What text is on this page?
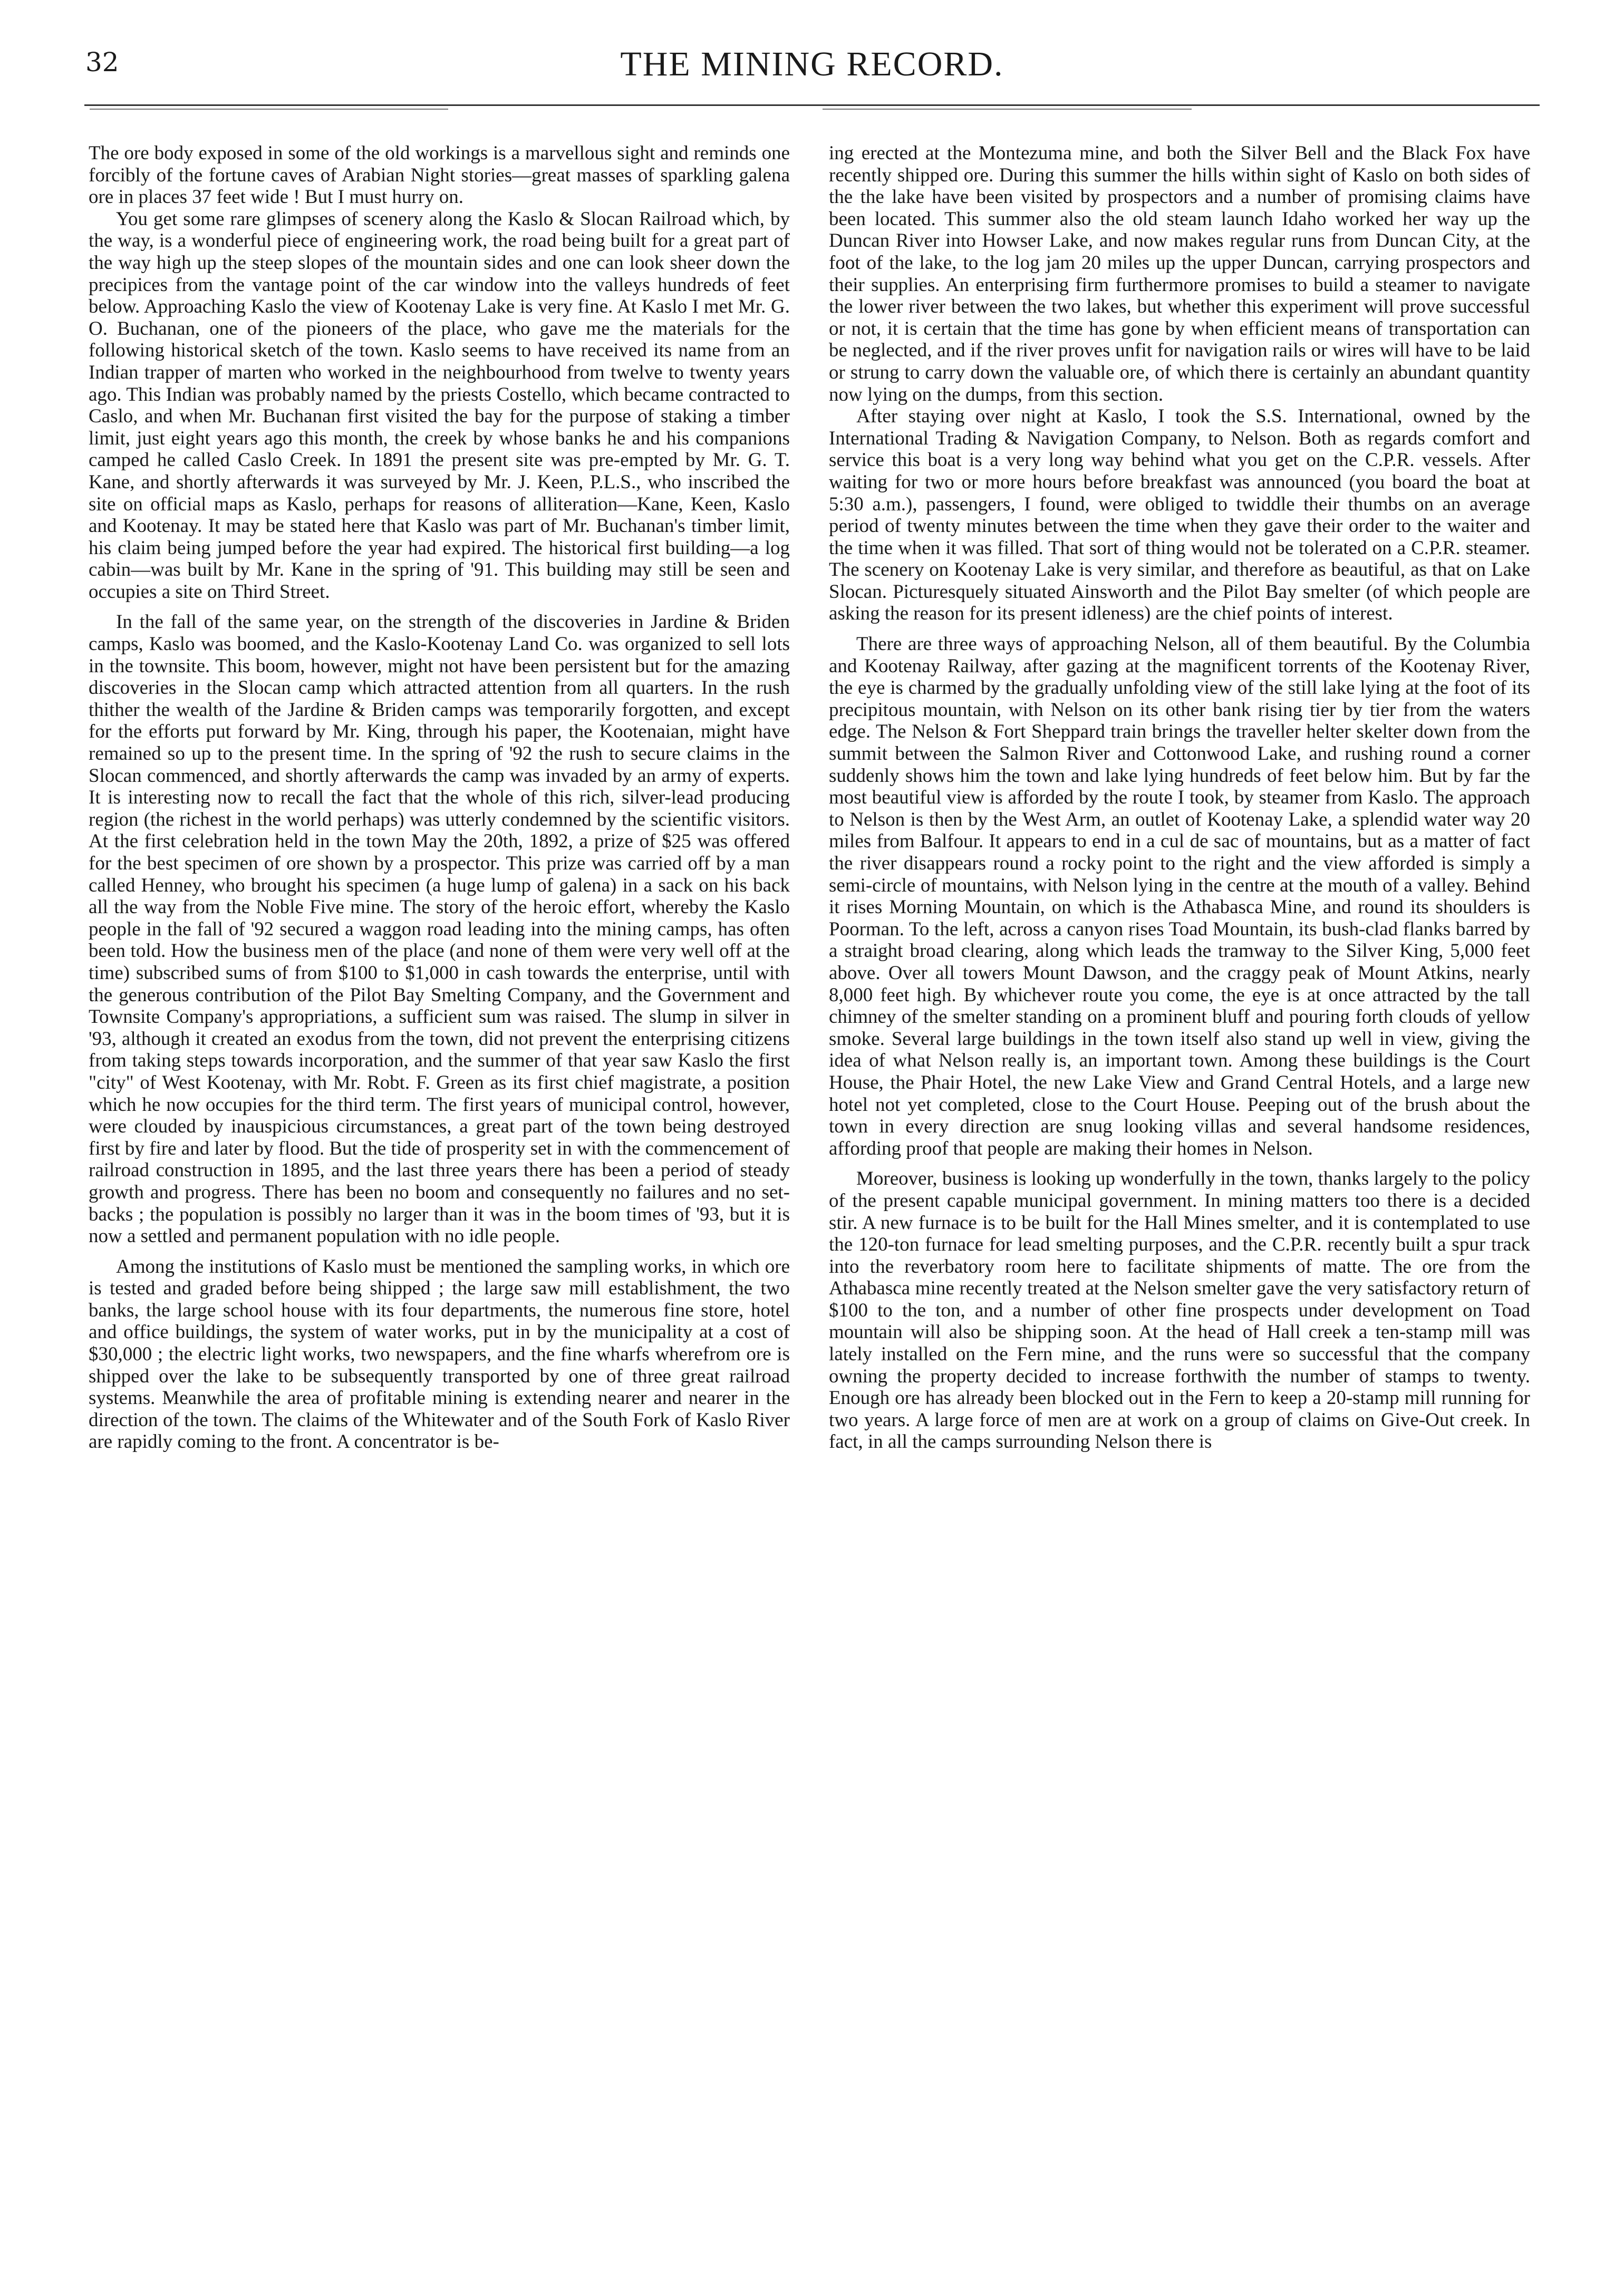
32	THE MINING RECORD.

The ore body exposed in some of the old workings is a marvellous sight and reminds one forcibly of the fortune caves of Arabian Night stories—great masses of sparkling galena ore in places 37 feet wide ! But I must hurry on.

You get some rare glimpses of scenery along the Kaslo & Slocan Railroad which, by the way, is a wonderful piece of engineering work, the road being built for a great part of the way high up the steep slopes of the mountain sides and one can look sheer down the precipices from the vantage point of the car window into the valleys hundreds of feet below. Approaching Kaslo the view of Kootenay Lake is very fine. At Kaslo I met Mr. G. O. Buchanan, one of the pioneers of the place, who gave me the materials for the following historical sketch of the town. Kaslo seems to have received its name from an Indian trapper of marten who worked in the neighbourhood from twelve to twenty years ago. This Indian was probably named by the priests Costello, which became contracted to Caslo, and when Mr. Buchanan first visited the bay for the purpose of staking a timber limit, just eight years ago this month, the creek by whose banks he and his companions camped he called Caslo Creek. In 1891 the present site was pre-empted by Mr. G. T. Kane, and shortly afterwards it was surveyed by Mr. J. Keen, P.L.S., who inscribed the site on official maps as Kaslo, perhaps for reasons of alliteration—Kane, Keen, Kaslo and Kootenay. It may be stated here that Kaslo was part of Mr. Buchanan's timber limit, his claim being jumped before the year had expired. The historical first building—a log cabin—was built by Mr. Kane in the spring of '91. This building may still be seen and occupies a site on Third Street.

In the fall of the same year, on the strength of the discoveries in Jardine & Briden camps, Kaslo was boomed, and the Kaslo-Kootenay Land Co. was organized to sell lots in the townsite. This boom, however, might not have been persistent but for the amazing discoveries in the Slocan camp which attracted attention from all quarters. In the rush thither the wealth of the Jardine & Briden camps was temporarily forgotten, and except for the efforts put forward by Mr. King, through his paper, the Kootenaian, might have remained so up to the present time. In the spring of '92 the rush to secure claims in the Slocan commenced, and shortly afterwards the camp was invaded by an army of experts. It is interesting now to recall the fact that the whole of this rich, silver-lead producing region (the richest in the world perhaps) was utterly condemned by the scientific visitors. At the first celebration held in the town May the 20th, 1892, a prize of $25 was offered for the best specimen of ore shown by a prospector. This prize was carried off by a man called Henney, who brought his specimen (a huge lump of galena) in a sack on his back all the way from the Noble Five mine. The story of the heroic effort, whereby the Kaslo people in the fall of '92 secured a waggon road leading into the mining camps, has often been told. How the business men of the place (and none of them were very well off at the time) subscribed sums of from $100 to $1,000 in cash towards the enterprise, until with the generous contribution of the Pilot Bay Smelting Company, and the Government and Townsite Company's appropriations, a sufficient sum was raised. The slump in silver in '93, although it created an exodus from the town, did not prevent the enterprising citizens from taking steps towards incorporation, and the summer of that year saw Kaslo the first "city" of West Kootenay, with Mr. Robt. F. Green as its first chief magistrate, a position which he now occupies for the third term. The first years of municipal control, however, were clouded by inauspicious circumstances, a great part of the town being destroyed first by fire and later by flood. But the tide of prosperity set in with the commencement of railroad construction in 1895, and the last three years there has been a period of steady growth and progress. There has been no boom and consequently no failures and no set-backs ; the population is possibly no larger than it was in the boom times of '93, but it is now a settled and permanent population with no idle people.

Among the institutions of Kaslo must be mentioned the sampling works, in which ore is tested and graded before being shipped ; the large saw mill establishment, the two banks, the large school house with its four departments, the numerous fine store, hotel and office buildings, the system of water works, put in by the municipality at a cost of $30,000 ; the electric light works, two newspapers, and the fine wharfs wherefrom ore is shipped over the lake to be subsequently transported by one of three great railroad systems. Meanwhile the area of profitable mining is extending nearer and nearer in the direction of the town. The claims of the Whitewater and of the South Fork of Kaslo River are rapidly coming to the front. A concentrator is be-

ing erected at the Montezuma mine, and both the Silver Bell and the Black Fox have recently shipped ore. During this summer the hills within sight of Kaslo on both sides of the the lake have been visited by prospectors and a number of promising claims have been located. This summer also the old steam launch Idaho worked her way up the Duncan River into Howser Lake, and now makes regular runs from Duncan City, at the foot of the lake, to the log jam 20 miles up the upper Duncan, carrying prospectors and their supplies. An enterprising firm furthermore promises to build a steamer to navigate the lower river between the two lakes, but whether this experiment will prove successful or not, it is certain that the time has gone by when efficient means of transportation can be neglected, and if the river proves unfit for navigation rails or wires will have to be laid or strung to carry down the valuable ore, of which there is certainly an abundant quantity now lying on the dumps, from this section.

After staying over night at Kaslo, I took the S.S. International, owned by the International Trading & Navigation Company, to Nelson. Both as regards comfort and service this boat is a very long way behind what you get on the C.P.R. vessels. After waiting for two or more hours before breakfast was announced (you board the boat at 5:30 a.m.), passengers, I found, were obliged to twiddle their thumbs on an average period of twenty minutes between the time when they gave their order to the waiter and the time when it was filled. That sort of thing would not be tolerated on a C.P.R. steamer. The scenery on Kootenay Lake is very similar, and therefore as beautiful, as that on Lake Slocan. Picturesquely situated Ainsworth and the Pilot Bay smelter (of which people are asking the reason for its present idleness) are the chief points of interest.

There are three ways of approaching Nelson, all of them beautiful. By the Columbia and Kootenay Railway, after gazing at the magnificent torrents of the Kootenay River, the eye is charmed by the gradually unfolding view of the still lake lying at the foot of its precipitous mountain, with Nelson on its other bank rising tier by tier from the waters edge. The Nelson & Fort Sheppard train brings the traveller helter skelter down from the summit between the Salmon River and Cottonwood Lake, and rushing round a corner suddenly shows him the town and lake lying hundreds of feet below him. But by far the most beautiful view is afforded by the route I took, by steamer from Kaslo. The approach to Nelson is then by the West Arm, an outlet of Kootenay Lake, a splendid water way 20 miles from Balfour. It appears to end in a cul de sac of mountains, but as a matter of fact the river disappears round a rocky point to the right and the view afforded is simply a semi-circle of mountains, with Nelson lying in the centre at the mouth of a valley. Behind it rises Morning Mountain, on which is the Athabasca Mine, and round its shoulders is Poorman. To the left, across a canyon rises Toad Mountain, its bush-clad flanks barred by a straight broad clearing, along which leads the tramway to the Silver King, 5,000 feet above. Over all towers Mount Dawson, and the craggy peak of Mount Atkins, nearly 8,000 feet high. By whichever route you come, the eye is at once attracted by the tall chimney of the smelter standing on a prominent bluff and pouring forth clouds of yellow smoke. Several large buildings in the town itself also stand up well in view, giving the idea of what Nelson really is, an important town. Among these buildings is the Court House, the Phair Hotel, the new Lake View and Grand Central Hotels, and a large new hotel not yet completed, close to the Court House. Peeping out of the brush about the town in every direction are snug looking villas and several handsome residences, affording proof that people are making their homes in Nelson.

Moreover, business is looking up wonderfully in the town, thanks largely to the policy of the present capable municipal government. In mining matters too there is a decided stir. A new furnace is to be built for the Hall Mines smelter, and it is contemplated to use the 120-ton furnace for lead smelting purposes, and the C.P.R. recently built a spur track into the reverbatory room here to facilitate shipments of matte. The ore from the Athabasca mine recently treated at the Nelson smelter gave the very satisfactory return of $100 to the ton, and a number of other fine prospects under development on Toad mountain will also be shipping soon. At the head of Hall creek a ten-stamp mill was lately installed on the Fern mine, and the runs were so successful that the company owning the property decided to increase forthwith the number of stamps to twenty. Enough ore has already been blocked out in the Fern to keep a 20-stamp mill running for two years. A large force of men are at work on a group of claims on Give-Out creek. In fact, in all the camps surrounding Nelson there is
